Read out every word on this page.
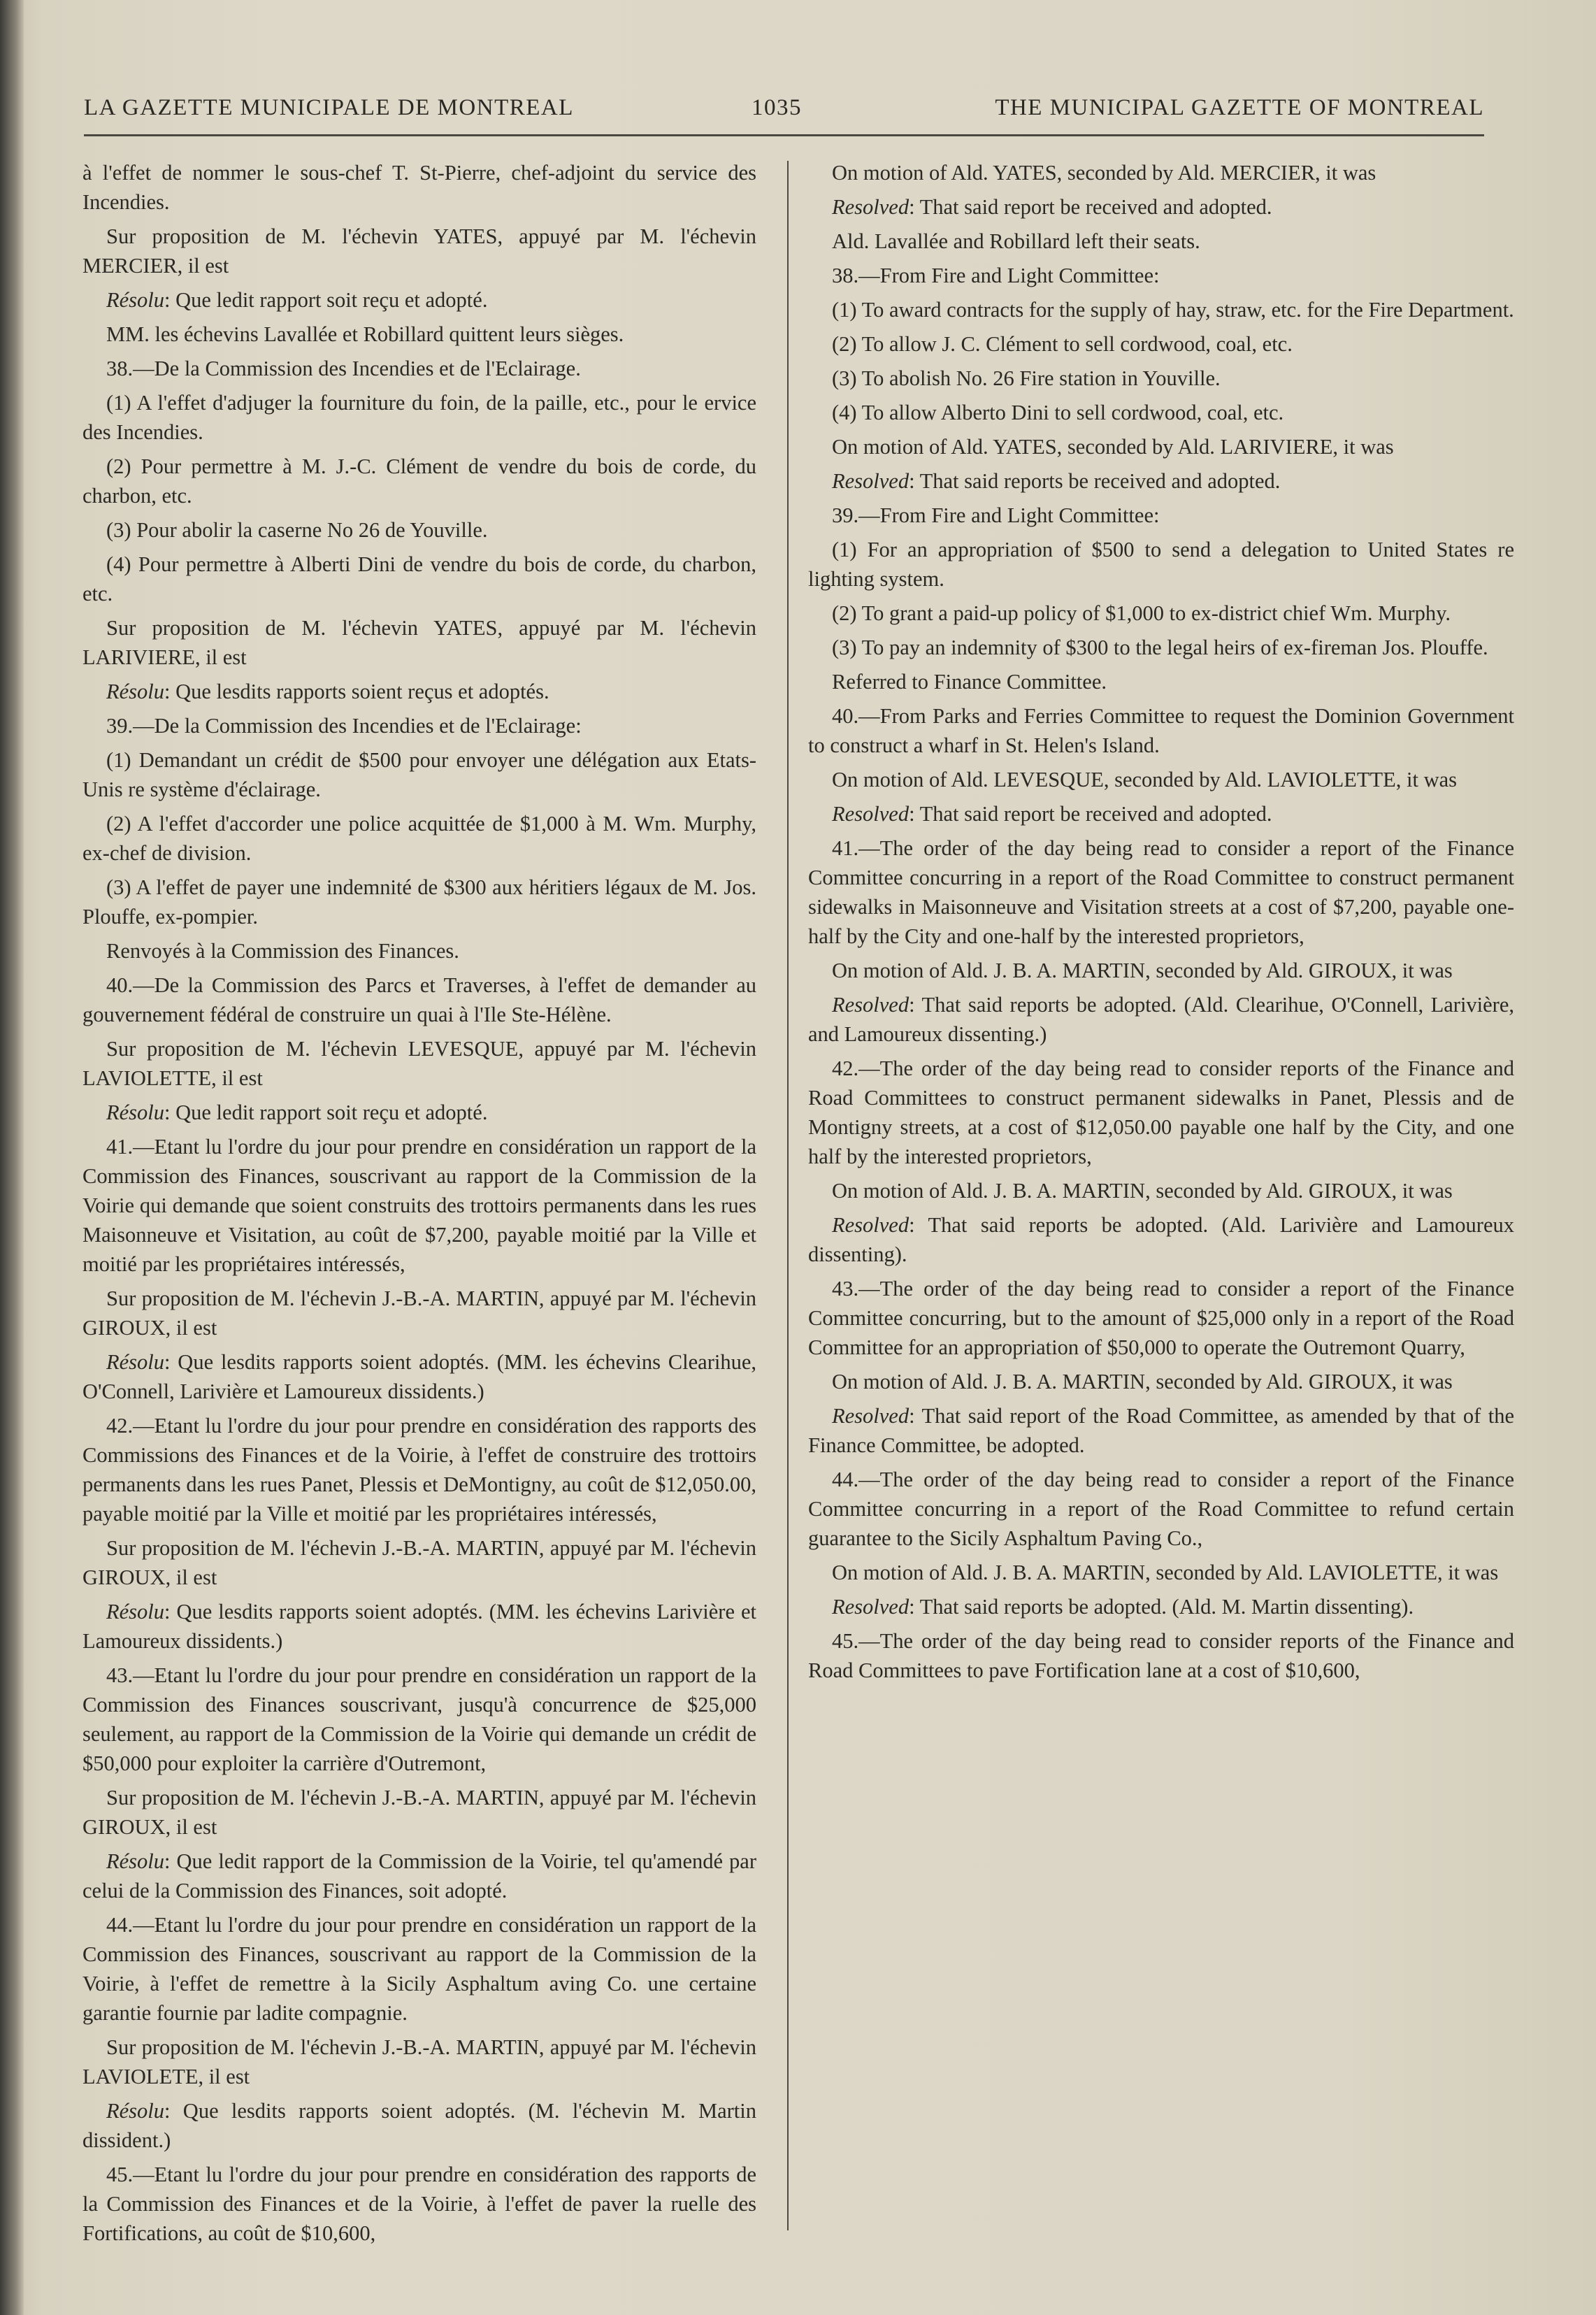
LA GAZETTE MUNICIPALE DE MONTREAL	1035	THE MUNICIPAL GAZETTE OF MONTREAL

à l'effet de nommer le sous-chef T. St-Pierre, chef-adjoint du service des Incendies.

Sur proposition de M. l'échevin YATES, appuyé par M. l'échevin MERCIER, il est

Résolu: Que ledit rapport soit reçu et adopté.

MM. les échevins Lavallée et Robillard quittent leurs sièges.

38.—De la Commission des Incendies et de l'Eclairage.

(1) A l'effet d'adjuger la fourniture du foin, de la paille, etc., pour le ervice des Incendies.

(2) Pour permettre à M. J.-C. Clément de vendre du bois de corde, du charbon, etc.

(3) Pour abolir la caserne No 26 de Youville.

(4) Pour permettre à Alberti Dini de vendre du bois de corde, du charbon, etc.

Sur proposition de M. l'échevin YATES, appuyé par M. l'échevin LARIVIERE, il est

Résolu: Que lesdits rapports soient reçus et adoptés.

39.—De la Commission des Incendies et de l'Eclairage:

(1) Demandant un crédit de $500 pour envoyer une délégation aux Etats-Unis re système d'éclairage.

(2) A l'effet d'accorder une police acquittée de $1,000 à M. Wm. Murphy, ex-chef de division.

(3) A l'effet de payer une indemnité de $300 aux héritiers légaux de M. Jos. Plouffe, ex-pompier.

Renvoyés à la Commission des Finances.

40.—De la Commission des Parcs et Traverses, à l'effet de demander au gouvernement fédéral de construire un quai à l'Ile Ste-Hélène.

Sur proposition de M. l'échevin LEVESQUE, appuyé par M. l'échevin LAVIOLETTE, il est

Résolu: Que ledit rapport soit reçu et adopté.

41.—Etant lu l'ordre du jour pour prendre en considération un rapport de la Commission des Finances, souscrivant au rapport de la Commission de la Voirie qui demande que soient construits des trottoirs permanents dans les rues Maisonneuve et Visitation, au coût de $7,200, payable moitié par la Ville et moitié par les propriétaires intéressés,

Sur proposition de M. l'échevin J.-B.-A. MARTIN, appuyé par M. l'échevin GIROUX, il est

Résolu: Que lesdits rapports soient adoptés. (MM. les échevins Clearihue, O'Connell, Larivière et Lamoureux dissidents.)

42.—Etant lu l'ordre du jour pour prendre en considération des rapports des Commissions des Finances et de la Voirie, à l'effet de construire des trottoirs permanents dans les rues Panet, Plessis et DeMontigny, au coût de $12,050.00, payable moitié par la Ville et moitié par les propriétaires intéressés,

Sur proposition de M. l'échevin J.-B.-A. MARTIN, appuyé par M. l'échevin GIROUX, il est

Résolu: Que lesdits rapports soient adoptés. (MM. les échevins Larivière et Lamoureux dissidents.)

43.—Etant lu l'ordre du jour pour prendre en considération un rapport de la Commission des Finances souscrivant, jusqu'à concurrence de $25,000 seulement, au rapport de la Commission de la Voirie qui demande un crédit de $50,000 pour exploiter la carrière d'Outremont,

Sur proposition de M. l'échevin J.-B.-A. MARTIN, appuyé par M. l'échevin GIROUX, il est

Résolu: Que ledit rapport de la Commission de la Voirie, tel qu'amendé par celui de la Commission des Finances, soit adopté.

44.—Etant lu l'ordre du jour pour prendre en considération un rapport de la Commission des Finances, souscrivant au rapport de la Commission de la Voirie, à l'effet de remettre à la Sicily Asphaltum aving Co. une certaine garantie fournie par ladite compagnie.

Sur proposition de M. l'échevin J.-B.-A. MARTIN, appuyé par M. l'échevin LAVIOLETE, il est

Résolu: Que lesdits rapports soient adoptés. (M. l'échevin M. Martin dissident.)

45.—Etant lu l'ordre du jour pour prendre en considération des rapports de la Commission des Finances et de la Voirie, à l'effet de paver la ruelle des Fortifications, au coût de $10,600,

On motion of Ald. YATES, seconded by Ald. MERCIER, it was

Resolved: That said report be received and adopted.

Ald. Lavallée and Robillard left their seats.

38.—From Fire and Light Committee:

(1) To award contracts for the supply of hay, straw, etc. for the Fire Department.

(2) To allow J. C. Clément to sell cordwood, coal, etc.

(3) To abolish No. 26 Fire station in Youville.

(4) To allow Alberto Dini to sell cordwood, coal, etc.

On motion of Ald. YATES, seconded by Ald. LARIVIERE, it was

Resolved: That said reports be received and adopted.

39.—From Fire and Light Committee:

(1) For an appropriation of $500 to send a delegation to United States re lighting system.

(2) To grant a paid-up policy of $1,000 to ex-district chief Wm. Murphy.

(3) To pay an indemnity of $300 to the legal heirs of ex-fireman Jos. Plouffe.

Referred to Finance Committee.

40.—From Parks and Ferries Committee to request the Dominion Government to construct a wharf in St. Helen's Island.

On motion of Ald. LEVESQUE, seconded by Ald. LAVIOLETTE, it was

Resolved: That said report be received and adopted.

41.—The order of the day being read to consider a report of the Finance Committee concurring in a report of the Road Committee to construct permanent sidewalks in Maisonneuve and Visitation streets at a cost of $7,200, payable one-half by the City and one-half by the interested proprietors,

On motion of Ald. J. B. A. MARTIN, seconded by Ald. GIROUX, it was

Resolved: That said reports be adopted. (Ald. Clearihue, O'Connell, Larivière, and Lamoureux dissenting.)

42.—The order of the day being read to consider reports of the Finance and Road Committees to construct permanent sidewalks in Panet, Plessis and de Montigny streets, at a cost of $12,050.00 payable one half by the City, and one half by the interested proprietors,

On motion of Ald. J. B. A. MARTIN, seconded by Ald. GIROUX, it was

Resolved: That said reports be adopted. (Ald. Larivière and Lamoureux dissenting).

43.—The order of the day being read to consider a report of the Finance Committee concurring, but to the amount of $25,000 only in a report of the Road Committee for an appropriation of $50,000 to operate the Outremont Quarry,

On motion of Ald. J. B. A. MARTIN, seconded by Ald. GIROUX, it was

Resolved: That said report of the Road Committee, as amended by that of the Finance Committee, be adopted.

44.—The order of the day being read to consider a report of the Finance Committee concurring in a report of the Road Committee to refund certain guarantee to the Sicily Asphaltum Paving Co.,

On motion of Ald. J. B. A. MARTIN, seconded by Ald. LAVIOLETTE, it was

Resolved: That said reports be adopted. (Ald. M. Martin dissenting).

45.—The order of the day being read to consider reports of the Finance and Road Committees to pave Fortification lane at a cost of $10,600,
